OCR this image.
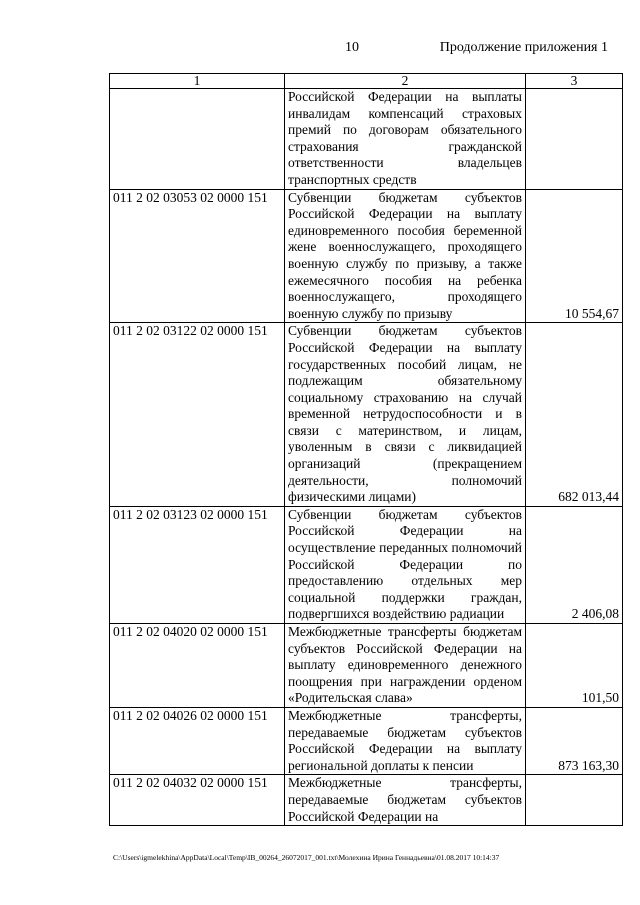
10	Продолжение приложения 1
1	2	3
	Российской Федерации на выплаты инвалидам компенсаций страховых премий по договорам обязательного страхования гражданской ответственности владельцев транспортных средств	
011 2 02 03053 02 0000 151	Субвенции бюджетам субъектов Российской Федерации на выплату единовременного пособия беременной жене военнослужащего, проходящего военную службу по призыву, а также ежемесячного пособия на ребенка военнослужащего, проходящего военную службу по призыву	10 554,67
011 2 02 03122 02 0000 151	Субвенции бюджетам субъектов Российской Федерации на выплату государственных пособий лицам, не подлежащим обязательному социальному страхованию на случай временной нетрудоспособности и в связи с материнством, и лицам, уволенным в связи с ликвидацией организаций (прекращением деятельности, полномочий физическими лицами)	682 013,44
011 2 02 03123 02 0000 151	Субвенции бюджетам субъектов Российской Федерации на осуществление переданных полномочий Российской Федерации по предоставлению отдельных мер социальной поддержки граждан, подвергшихся воздействию радиации	2 406,08
011 2 02 04020 02 0000 151	Межбюджетные трансферты бюджетам субъектов Российской Федерации на выплату единовременного денежного поощрения при награждении орденом «Родительская слава»	101,50
011 2 02 04026 02 0000 151	Межбюджетные трансферты, передаваемые бюджетам субъектов Российской Федерации на выплату региональной доплаты к пенсии	873 163,30
011 2 02 04032 02 0000 151	Межбюджетные трансферты, передаваемые бюджетам субъектов Российской Федерации на	
C:\Users\igmelekhina\AppData\Local\Temp\IB_00264_26072017_001.txt\Молехина Ирина Геннадьевна\01.08.2017 10:14:37
